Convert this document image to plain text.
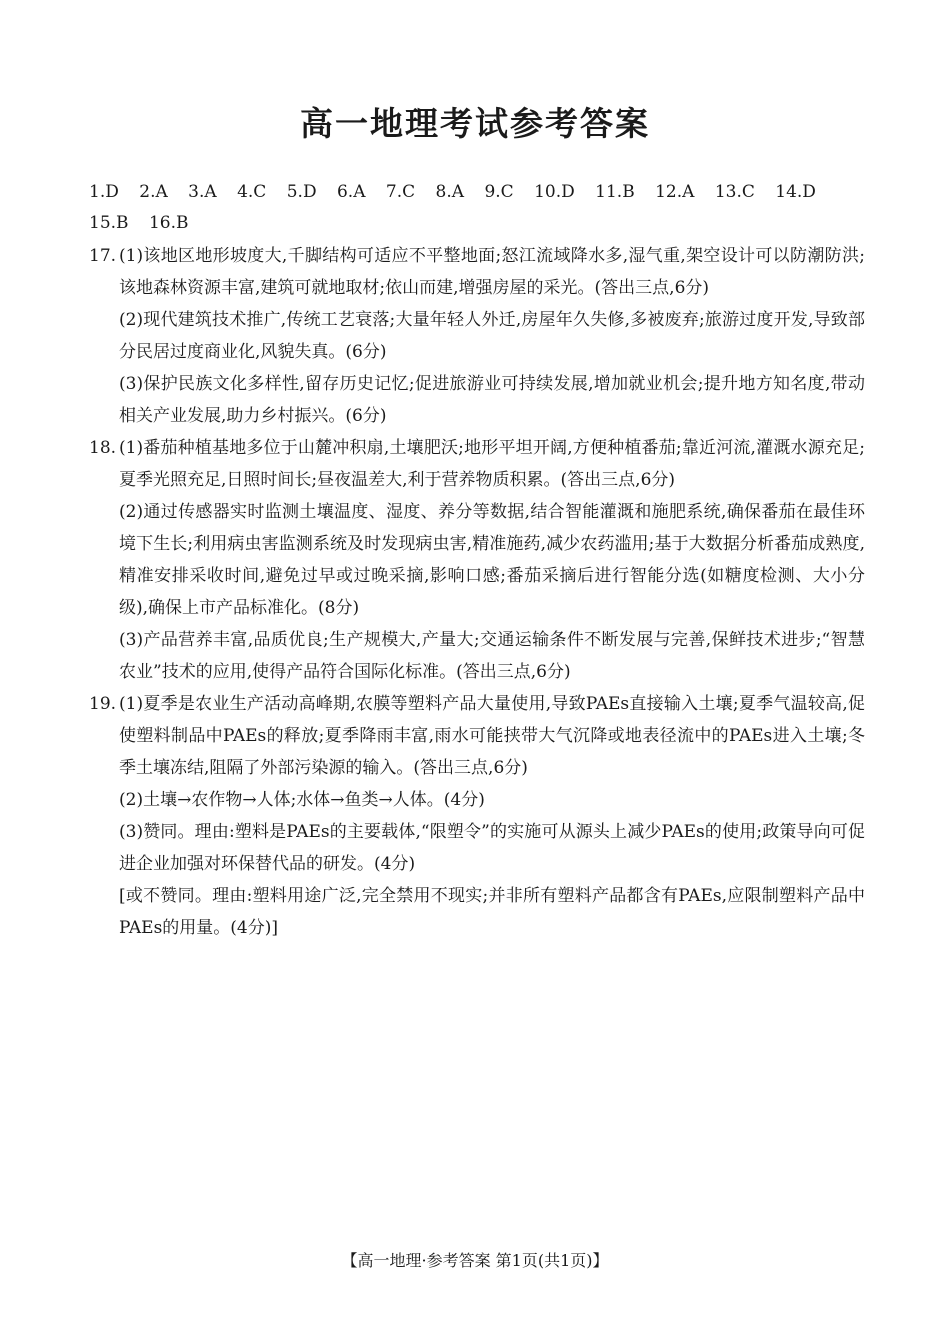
高一地理考试参考答案
1.D 2.A 3.A 4.C 5.D 6.A 7.C 8.A 9.C 10.D 11.B 12.A 13.C 14.D
15.B 16.B
17. (1)该地区地形坡度大,千脚结构可适应不平整地面;怒江流域降水多,湿气重,架空设计可以防潮防洪;该地森林资源丰富,建筑可就地取材;依山而建,增强房屋的采光。(答出三点,6分)
(2)现代建筑技术推广,传统工艺衰落;大量年轻人外迁,房屋年久失修,多被废弃;旅游过度开发,导致部分民居过度商业化,风貌失真。(6分)
(3)保护民族文化多样性,留存历史记忆;促进旅游业可持续发展,增加就业机会;提升地方知名度,带动相关产业发展,助力乡村振兴。(6分)
18. (1)番茄种植基地多位于山麓冲积扇,土壤肥沃;地形平坦开阔,方便种植番茄;靠近河流,灌溉水源充足;夏季光照充足,日照时间长;昼夜温差大,利于营养物质积累。(答出三点,6分)
(2)通过传感器实时监测土壤温度、湿度、养分等数据,结合智能灌溉和施肥系统,确保番茄在最佳环境下生长;利用病虫害监测系统及时发现病虫害,精准施药,减少农药滥用;基于大数据分析番茄成熟度,精准安排采收时间,避免过早或过晚采摘,影响口感;番茄采摘后进行智能分选(如糖度检测、大小分级),确保上市产品标准化。(8分)
(3)产品营养丰富,品质优良;生产规模大,产量大;交通运输条件不断发展与完善,保鲜技术进步;“智慧农业”技术的应用,使得产品符合国际化标准。(答出三点,6分)
19. (1)夏季是农业生产活动高峰期,农膜等塑料产品大量使用,导致PAEs直接输入土壤;夏季气温较高,促使塑料制品中PAEs的释放;夏季降雨丰富,雨水可能挟带大气沉降或地表径流中的PAEs进入土壤;冬季土壤冻结,阻隔了外部污染源的输入。(答出三点,6分)
(2)土壤→农作物→人体;水体→鱼类→人体。(4分)
(3)赞同。理由:塑料是PAEs的主要载体,“限塑令”的实施可从源头上减少PAEs的使用;政策导向可促进企业加强对环保替代品的研发。(4分)
[或不赞同。理由:塑料用途广泛,完全禁用不现实;并非所有塑料产品都含有PAEs,应限制塑料产品中PAEs的用量。(4分)]
【高一地理·参考答案 第1页(共1页)】
